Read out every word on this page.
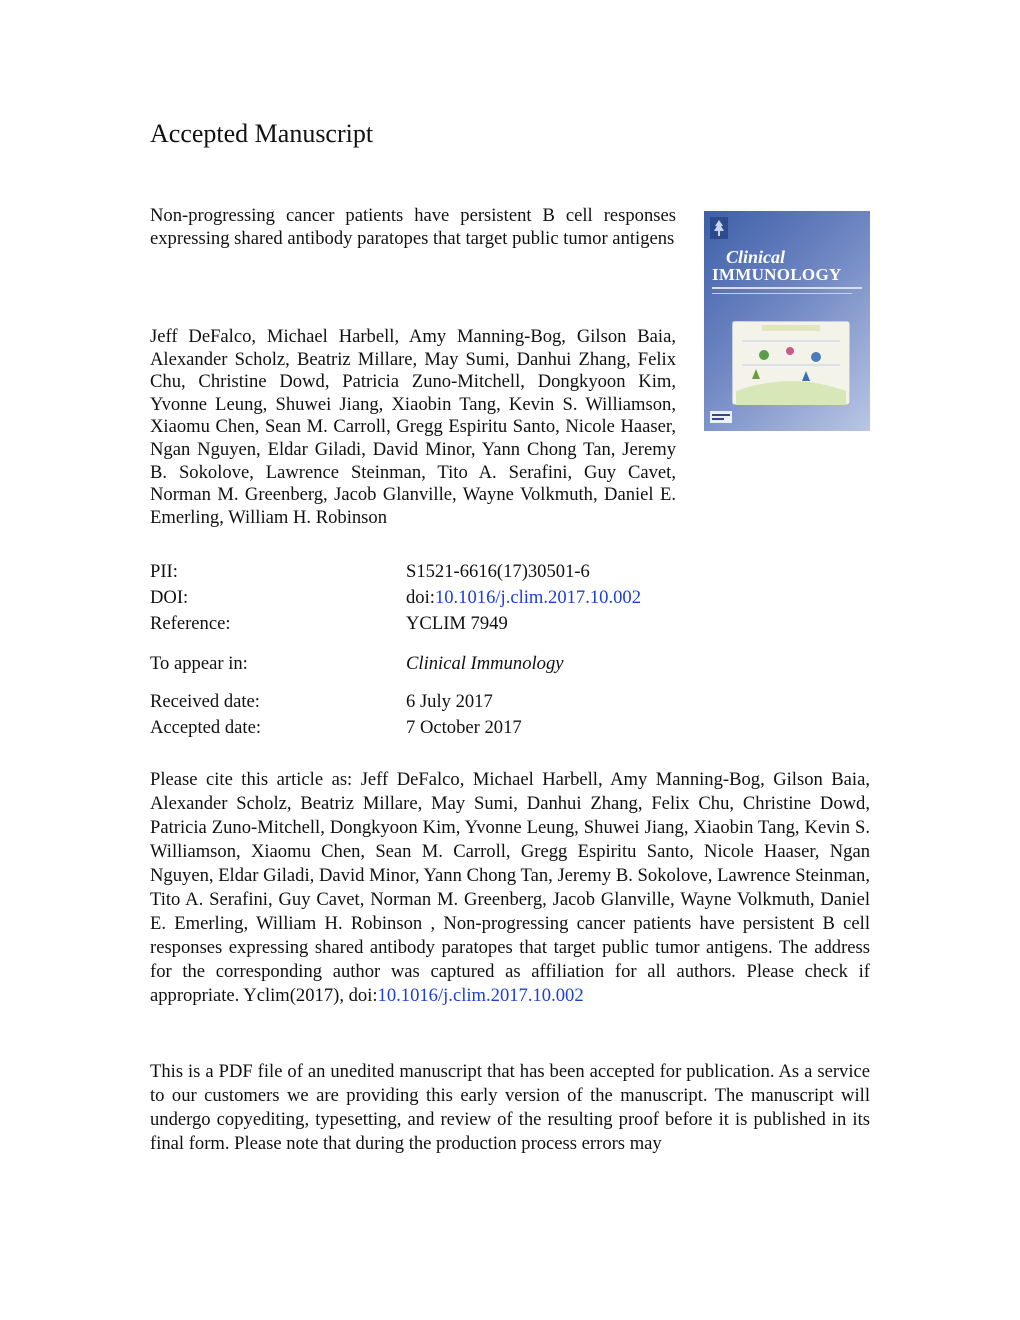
Accepted Manuscript
Non-progressing cancer patients have persistent B cell responses expressing shared antibody paratopes that target public tumor antigens
Jeff DeFalco, Michael Harbell, Amy Manning-Bog, Gilson Baia, Alexander Scholz, Beatriz Millare, May Sumi, Danhui Zhang, Felix Chu, Christine Dowd, Patricia Zuno-Mitchell, Dongkyoon Kim, Yvonne Leung, Shuwei Jiang, Xiaobin Tang, Kevin S. Williamson, Xiaomu Chen, Sean M. Carroll, Gregg Espiritu Santo, Nicole Haaser, Ngan Nguyen, Eldar Giladi, David Minor, Yann Chong Tan, Jeremy B. Sokolove, Lawrence Steinman, Tito A. Serafini, Guy Cavet, Norman M. Greenberg, Jacob Glanville, Wayne Volkmuth, Daniel E. Emerling, William H. Robinson
Clinical
IMMUNOLOGY
PII:	S1521-6616(17)30501-6
DOI:	doi:10.1016/j.clim.2017.10.002
Reference:	YCLIM 7949
To appear in:	Clinical Immunology
Received date:	6 July 2017
Accepted date:	7 October 2017
Please cite this article as: Jeff DeFalco, Michael Harbell, Amy Manning-Bog, Gilson Baia, Alexander Scholz, Beatriz Millare, May Sumi, Danhui Zhang, Felix Chu, Christine Dowd, Patricia Zuno-Mitchell, Dongkyoon Kim, Yvonne Leung, Shuwei Jiang, Xiaobin Tang, Kevin S. Williamson, Xiaomu Chen, Sean M. Carroll, Gregg Espiritu Santo, Nicole Haaser, Ngan Nguyen, Eldar Giladi, David Minor, Yann Chong Tan, Jeremy B. Sokolove, Lawrence Steinman, Tito A. Serafini, Guy Cavet, Norman M. Greenberg, Jacob Glanville, Wayne Volkmuth, Daniel E. Emerling, William H. Robinson , Non-progressing cancer patients have persistent B cell responses expressing shared antibody paratopes that target public tumor antigens. The address for the corresponding author was captured as affiliation for all authors. Please check if appropriate. Yclim(2017), doi:10.1016/j.clim.2017.10.002
This is a PDF file of an unedited manuscript that has been accepted for publication. As a service to our customers we are providing this early version of the manuscript. The manuscript will undergo copyediting, typesetting, and review of the resulting proof before it is published in its final form. Please note that during the production process errors may
